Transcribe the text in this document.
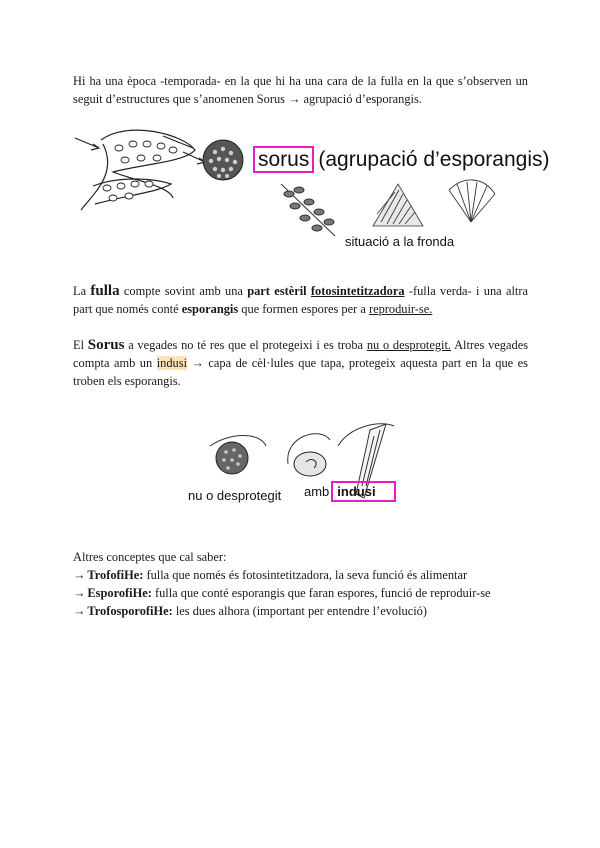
Hi ha una època -temporada- en la que hi ha una cara de la fulla en la que s’observen un seguit d’estructures que s’anomenen Sorus → agrupació d’esporangis.
sorus (agrupació d’esporangis)
situació a la fronda
La fulla compte sovint amb una part estèril fotosintetitzadora -fulla verda- i una altra part que només conté esporangis que formen espores per a reproduir-se.
El Sorus a vegades no té res que el protegeixi i es troba nu o desprotegit. Altres vegades compta amb un indusi → capa de cèl·lules que tapa, protegeix aquesta part en la que es troben els esporangis.
nu o desprotegit amb indusi
Altres conceptes que cal saber:
→ TrofofiHe: fulla que només és fotosintetitzadora, la seva funció és alimentar
→ EsporofiHe: fulla que conté esporangis que faran espores, funció de reproduir-se
→ TrofosporofiHe: les dues alhora (important per entendre l’evolució)
